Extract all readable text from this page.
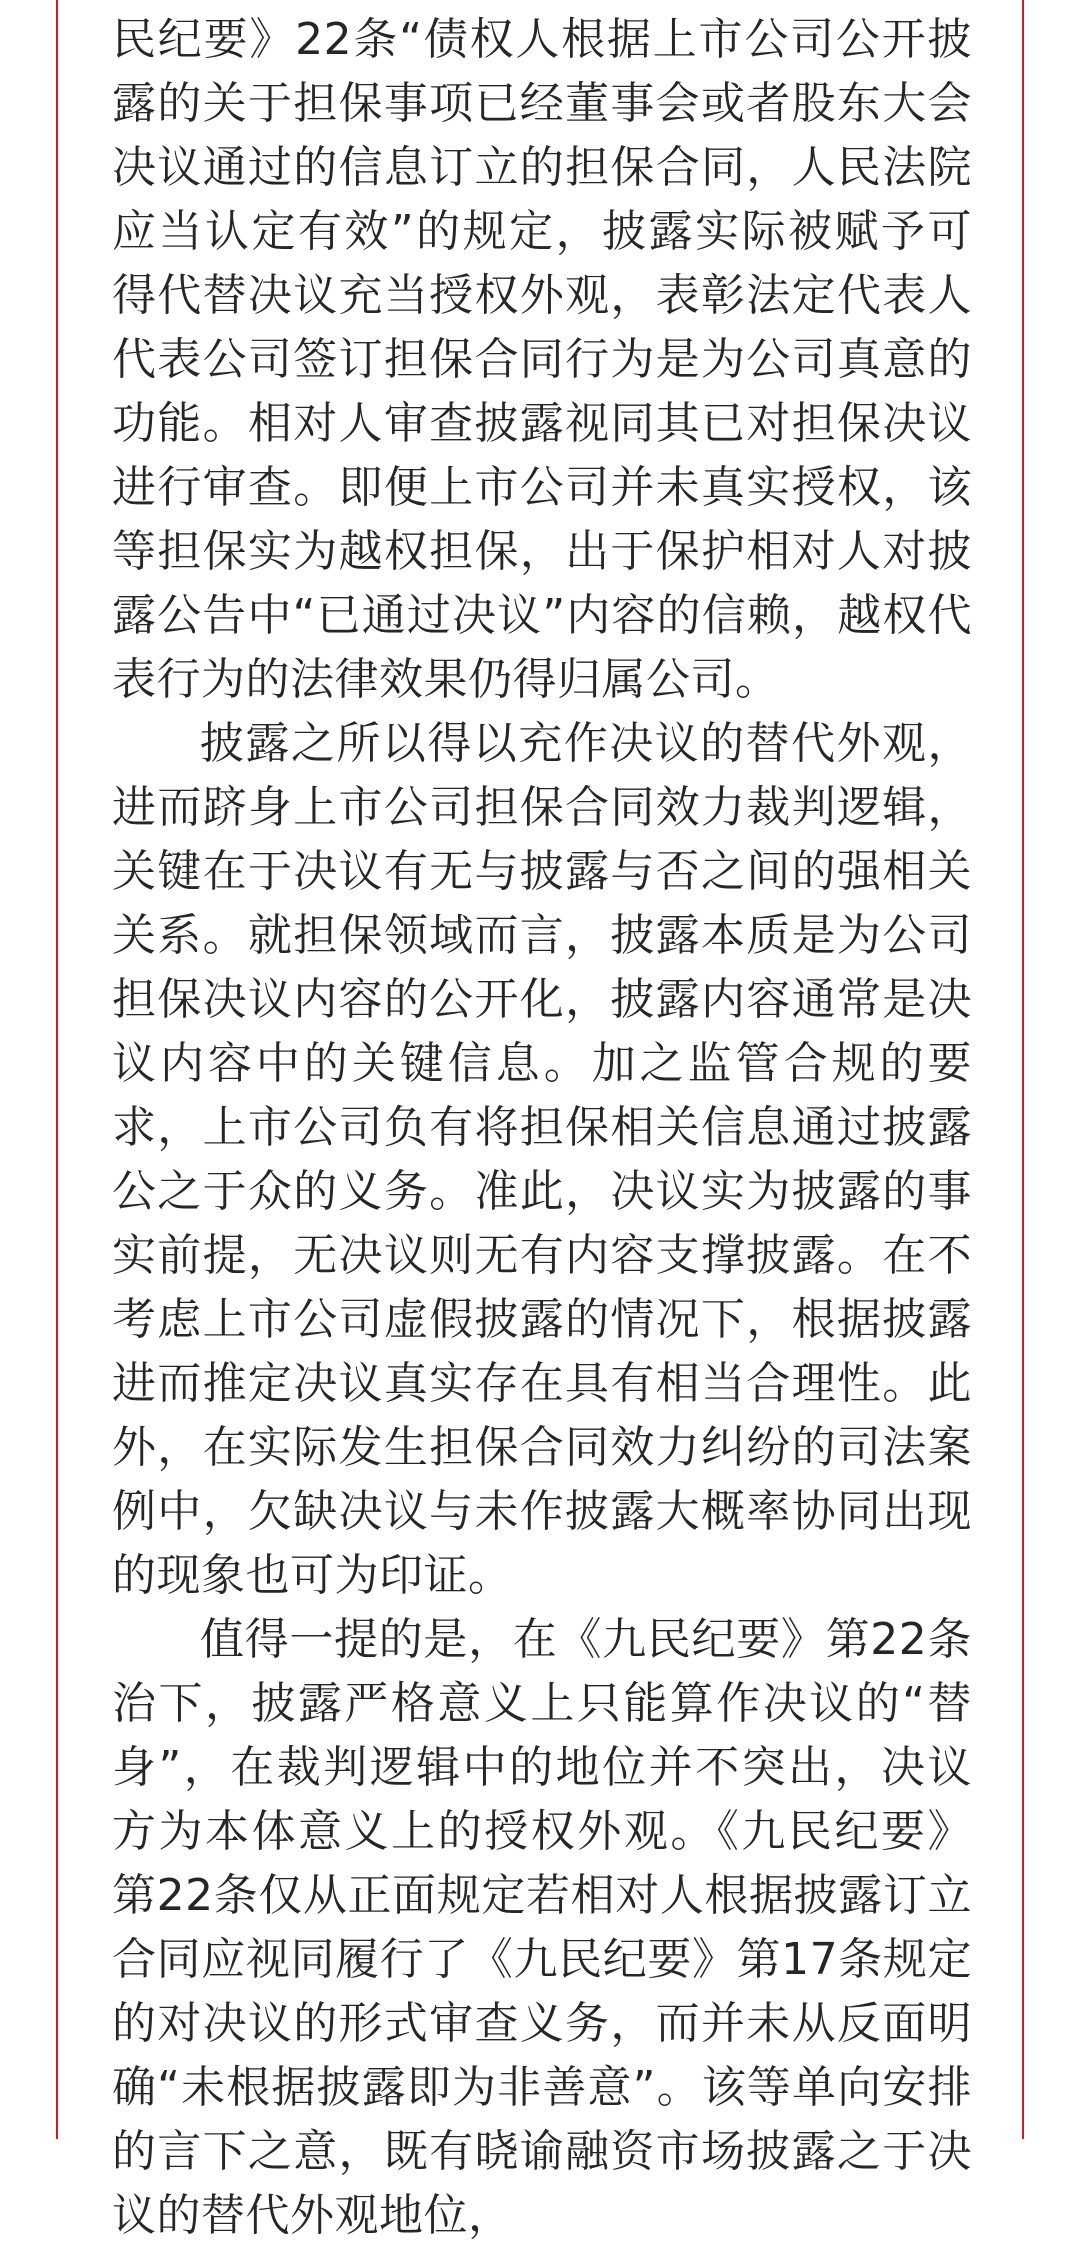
民纪要》22条“债权人根据上市公司公开披露的关于担保事项已经董事会或者股东大会决议通过的信息订立的担保合同，人民法院应当认定有效”的规定，披露实际被赋予可得代替决议充当授权外观，表彰法定代表人代表公司签订担保合同行为是为公司真意的功能。相对人审查披露视同其已对担保决议进行审查。即便上市公司并未真实授权，该等担保实为越权担保，出于保护相对人对披露公告中“已通过决议”内容的信赖，越权代表行为的法律效果仍得归属公司。

披露之所以得以充作决议的替代外观，进而跻身上市公司担保合同效力裁判逻辑，关键在于决议有无与披露与否之间的强相关关系。就担保领域而言，披露本质是为公司担保决议内容的公开化，披露内容通常是决议内容中的关键信息。加之监管合规的要求，上市公司负有将担保相关信息通过披露公之于众的义务。准此，决议实为披露的事实前提，无决议则无有内容支撑披露。在不考虑上市公司虚假披露的情况下，根据披露进而推定决议真实存在具有相当合理性。此外，在实际发生担保合同效力纠纷的司法案例中，欠缺决议与未作披露大概率协同出现的现象也可为印证。

值得一提的是，在《九民纪要》第22条治下，披露严格意义上只能算作决议的“替身”，在裁判逻辑中的地位并不突出，决议方为本体意义上的授权外观。《九民纪要》第22条仅从正面规定若相对人根据披露订立合同应视同履行了《九民纪要》第17条规定的对决议的形式审查义务，而并未从反面明确“未根据披露即为非善意”。该等单向安排的言下之意，既有晓谕融资市场披露之于决议的替代外观地位，
